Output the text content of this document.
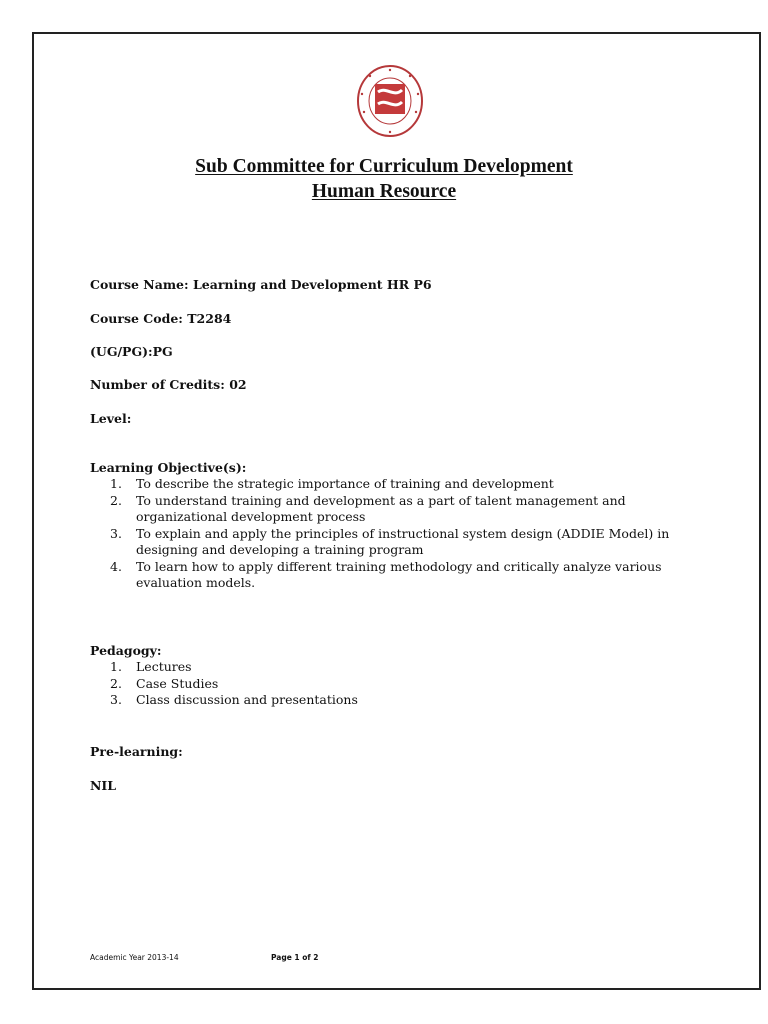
Sub Committee for Curriculum Development
Human Resource
Course Name: Learning and Development HR P6
Course Code: T2284
(UG/PG):PG
Number of Credits: 02
Level:
Learning Objective(s):
1. To describe the strategic importance of training and development
2. To understand training and development as a part of talent management and
organizational development process
3. To explain and apply the principles of instructional system design (ADDIE Model) in
designing and developing a training program
4. To learn how to apply different training methodology and critically analyze various
evaluation models.
Pedagogy:
1. Lectures
2. Case Studies
3. Class discussion and presentations
Pre-learning:
NIL
Academic Year 2013-14	Page 1 of 2
